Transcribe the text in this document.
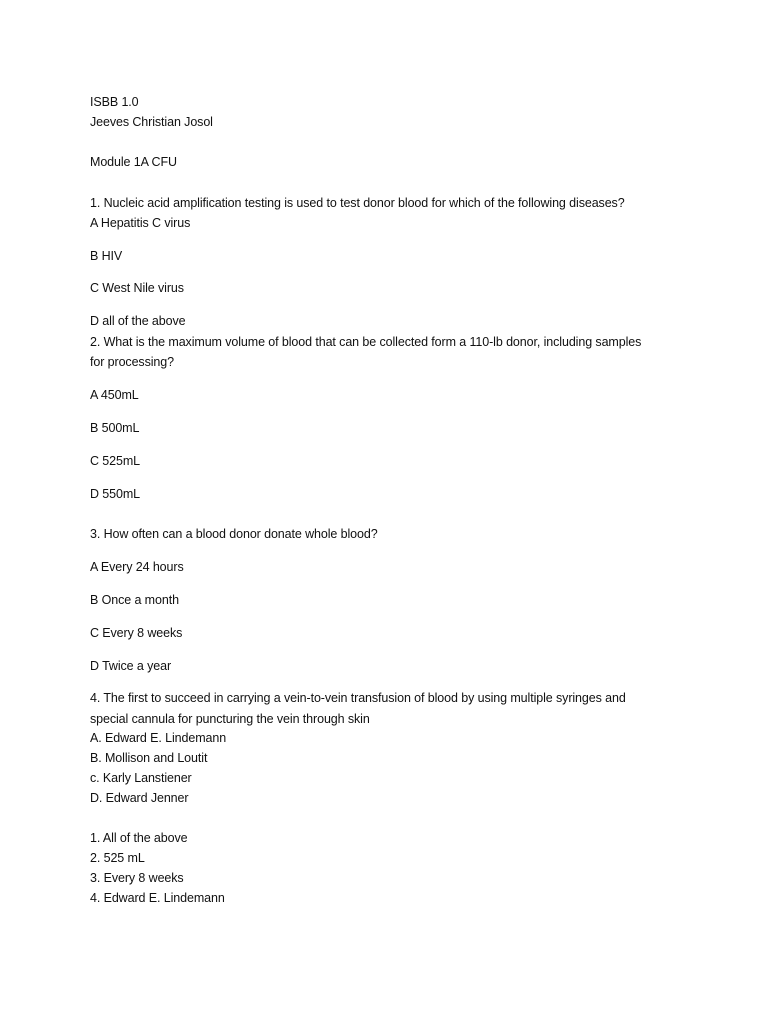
ISBB 1.0
Jeeves Christian Josol
Module 1A CFU
1. Nucleic acid amplification testing is used to test donor blood for which of the following diseases?
A Hepatitis C virus
B HIV
C West Nile virus
D all of the above
2. What is the maximum volume of blood that can be collected form a 110-lb donor, including samples
for processing?
A 450mL
B 500mL
C 525mL
D 550mL
3. How often can a blood donor donate whole blood?
A Every 24 hours
B Once a month
C Every 8 weeks
D Twice a year
4. The first to succeed in carrying a vein-to-vein transfusion of blood by using multiple syringes and
special cannula for puncturing the vein through skin
A. Edward E. Lindemann
B. Mollison and Loutit
c. Karly Lanstiener
D. Edward Jenner
1. All of the above
2. 525 mL
3. Every 8 weeks
4. Edward E. Lindemann
